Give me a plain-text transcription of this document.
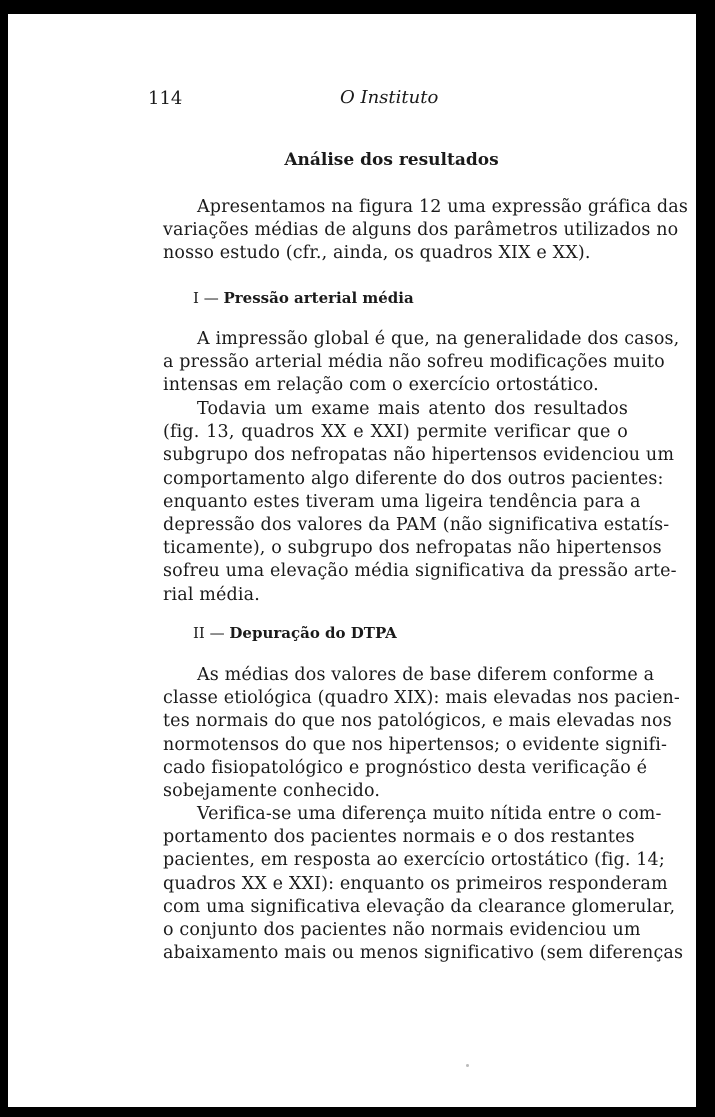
114	O Instituto
Análise dos resultados
Apresentamos na figura 12 uma expressão gráfica das
variações médias de alguns dos parâmetros utilizados no
nosso estudo (cfr., ainda, os quadros XIX e XX).
I — Pressão arterial média
A impressão global é que, na generalidade dos casos,
a pressão arterial média não sofreu modificações muito
intensas em relação com o exercício ortostático.
Todavia um exame mais atento dos resultados
(fig. 13, quadros XX e XXI) permite verificar que o
subgrupo dos nefropatas não hipertensos evidenciou um
comportamento algo diferente do dos outros pacientes:
enquanto estes tiveram uma ligeira tendência para a
depressão dos valores da PAM (não significativa estatís-
ticamente), o subgrupo dos nefropatas não hipertensos
sofreu uma elevação média significativa da pressão arte-
rial média.
II — Depuração do DTPA
As médias dos valores de base diferem conforme a
classe etiológica (quadro XIX): mais elevadas nos pacien-
tes normais do que nos patológicos, e mais elevadas nos
normotensos do que nos hipertensos; o evidente signifi-
cado fisiopatológico e prognóstico desta verificação é
sobejamente conhecido.
Verifica-se uma diferença muito nítida entre o com-
portamento dos pacientes normais e o dos restantes
pacientes, em resposta ao exercício ortostático (fig. 14;
quadros XX e XXI): enquanto os primeiros responderam
com uma significativa elevação da clearance glomerular,
o conjunto dos pacientes não normais evidenciou um
abaixamento mais ou menos significativo (sem diferenças
